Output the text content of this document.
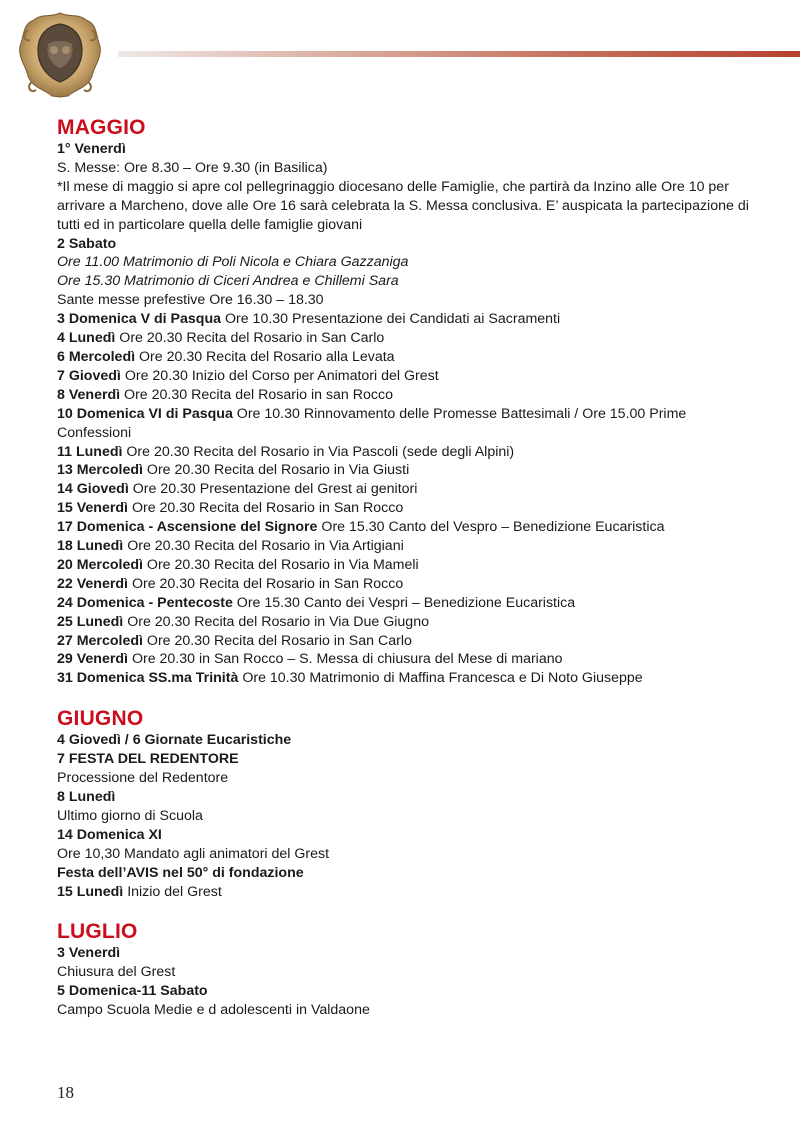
MAGGIO
1° Venerdì
S. Messe: Ore 8.30 – Ore 9.30 (in Basilica)
*Il mese di maggio si apre col pellegrinaggio diocesano delle Famiglie, che partirà da Inzino alle Ore 10 per arrivare a Marcheno, dove alle Ore 16 sarà celebrata la S. Messa conclusiva. E’ auspicata la partecipazione di tutti ed in particolare quella delle famiglie giovani
2 Sabato
Ore 11.00 Matrimonio di Poli Nicola e Chiara Gazzaniga
Ore 15.30 Matrimonio di Ciceri Andrea e Chillemi Sara
Sante messe prefestive Ore 16.30 – 18.30
3 Domenica V di Pasqua Ore 10.30 Presentazione dei Candidati ai Sacramenti
4 Lunedì Ore 20.30 Recita del Rosario in San Carlo
6 Mercoledì Ore 20.30 Recita del Rosario alla Levata
7 Giovedì Ore 20.30 Inizio del Corso per Animatori del Grest
8 Venerdì Ore 20.30 Recita del Rosario in san Rocco
10 Domenica VI di Pasqua Ore 10.30 Rinnovamento delle Promesse Battesimali / Ore 15.00 Prime Confessioni
11 Lunedì Ore 20.30 Recita del Rosario in Via Pascoli (sede degli Alpini)
13 Mercoledì Ore 20.30 Recita del Rosario in Via Giusti
14 Giovedì Ore 20.30 Presentazione del Grest ai genitori
15 Venerdì Ore 20.30 Recita del Rosario in San Rocco
17 Domenica - Ascensione del Signore Ore 15.30 Canto del Vespro – Benedizione Eucaristica
18 Lunedì Ore 20.30 Recita del Rosario in Via Artigiani
20 Mercoledì Ore 20.30 Recita del Rosario in Via Mameli
22 Venerdì Ore 20.30 Recita del Rosario in San Rocco
24 Domenica - Pentecoste Ore 15.30 Canto dei Vespri – Benedizione Eucaristica
25 Lunedì Ore 20.30 Recita del Rosario in Via Due Giugno
27 Mercoledì Ore 20.30 Recita del Rosario in San Carlo
29 Venerdì Ore 20.30 in San Rocco – S. Messa di chiusura del Mese di mariano
31 Domenica SS.ma Trinità Ore 10.30 Matrimonio di Maffina Francesca e Di Noto Giuseppe
GIUGNO
4 Giovedì / 6 Giornate Eucaristiche
7 FESTA DEL REDENTORE
Processione del Redentore
8 Lunedì
Ultimo giorno di Scuola
14 Domenica XI
Ore 10,30 Mandato agli animatori del Grest
Festa dell’AVIS nel 50° di fondazione
15 Lunedì Inizio del Grest
LUGLIO
3 Venerdì
Chiusura del Grest
5 Domenica-11 Sabato
Campo Scuola Medie e d adolescenti in Valdaone
18
